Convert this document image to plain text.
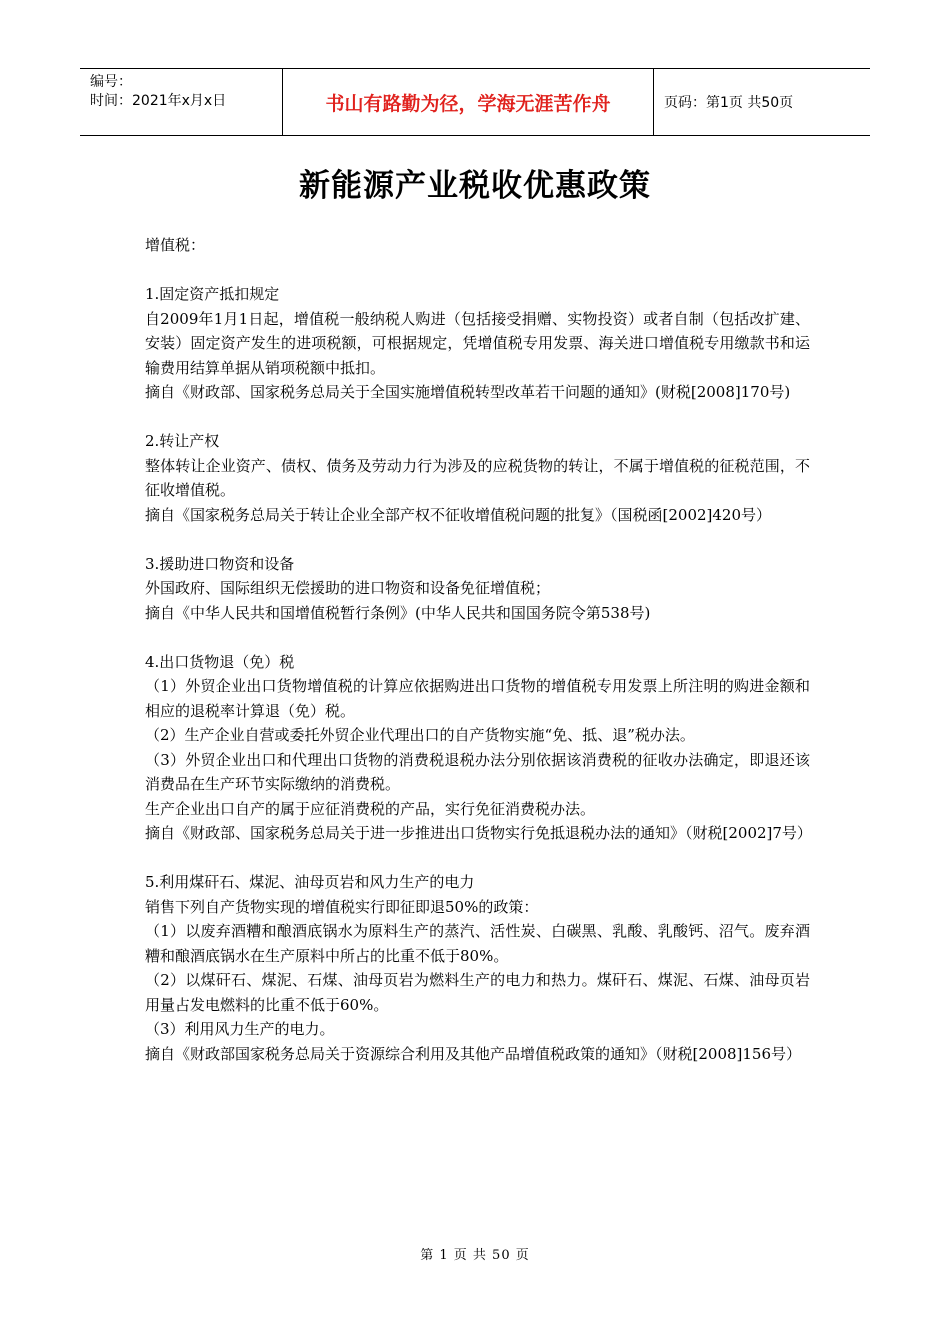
编号：
时间：2021年x月x日	书山有路勤为径，学海无涯苦作舟	页码：第1页 共50页
新能源产业税收优惠政策

增值税：

1.固定资产抵扣规定

自2009年1月1日起，增值税一般纳税人购进（包括接受捐赠、实物投资）或者自制（包括改扩建、安装）固定资产发生的进项税额，可根据规定，凭增值税专用发票、海关进口增值税专用缴款书和运输费用结算单据从销项税额中抵扣。

摘自《财政部、国家税务总局关于全国实施增值税转型改革若干问题的通知》(财税[2008]170号)

2.转让产权

整体转让企业资产、债权、债务及劳动力行为涉及的应税货物的转让，不属于增值税的征税范围，不征收增值税。

摘自《国家税务总局关于转让企业全部产权不征收增值税问题的批复》（国税函[2002]420号）

3.援助进口物资和设备

外国政府、国际组织无偿援助的进口物资和设备免征增值税；

摘自《中华人民共和国增值税暂行条例》(中华人民共和国国务院令第538号)

4.出口货物退（免）税

（1）外贸企业出口货物增值税的计算应依据购进出口货物的增值税专用发票上所注明的购进金额和相应的退税率计算退（免）税。

（2）生产企业自营或委托外贸企业代理出口的自产货物实施“免、抵、退”税办法。

（3）外贸企业出口和代理出口货物的消费税退税办法分别依据该消费税的征收办法确定，即退还该消费品在生产环节实际缴纳的消费税。

生产企业出口自产的属于应征消费税的产品，实行免征消费税办法。

摘自《财政部、国家税务总局关于进一步推进出口货物实行免抵退税办法的通知》（财税[2002]7号）

5.利用煤矸石、煤泥、油母页岩和风力生产的电力

销售下列自产货物实现的增值税实行即征即退50%的政策：

（1）以废弃酒糟和酿酒底锅水为原料生产的蒸汽、活性炭、白碳黑、乳酸、乳酸钙、沼气。废弃酒糟和酿酒底锅水在生产原料中所占的比重不低于80%。

（2）以煤矸石、煤泥、石煤、油母页岩为燃料生产的电力和热力。煤矸石、煤泥、石煤、油母页岩用量占发电燃料的比重不低于60%。

（3）利用风力生产的电力。

摘自《财政部国家税务总局关于资源综合利用及其他产品增值税政策的通知》（财税[2008]156号）

第 1 页 共 50 页
